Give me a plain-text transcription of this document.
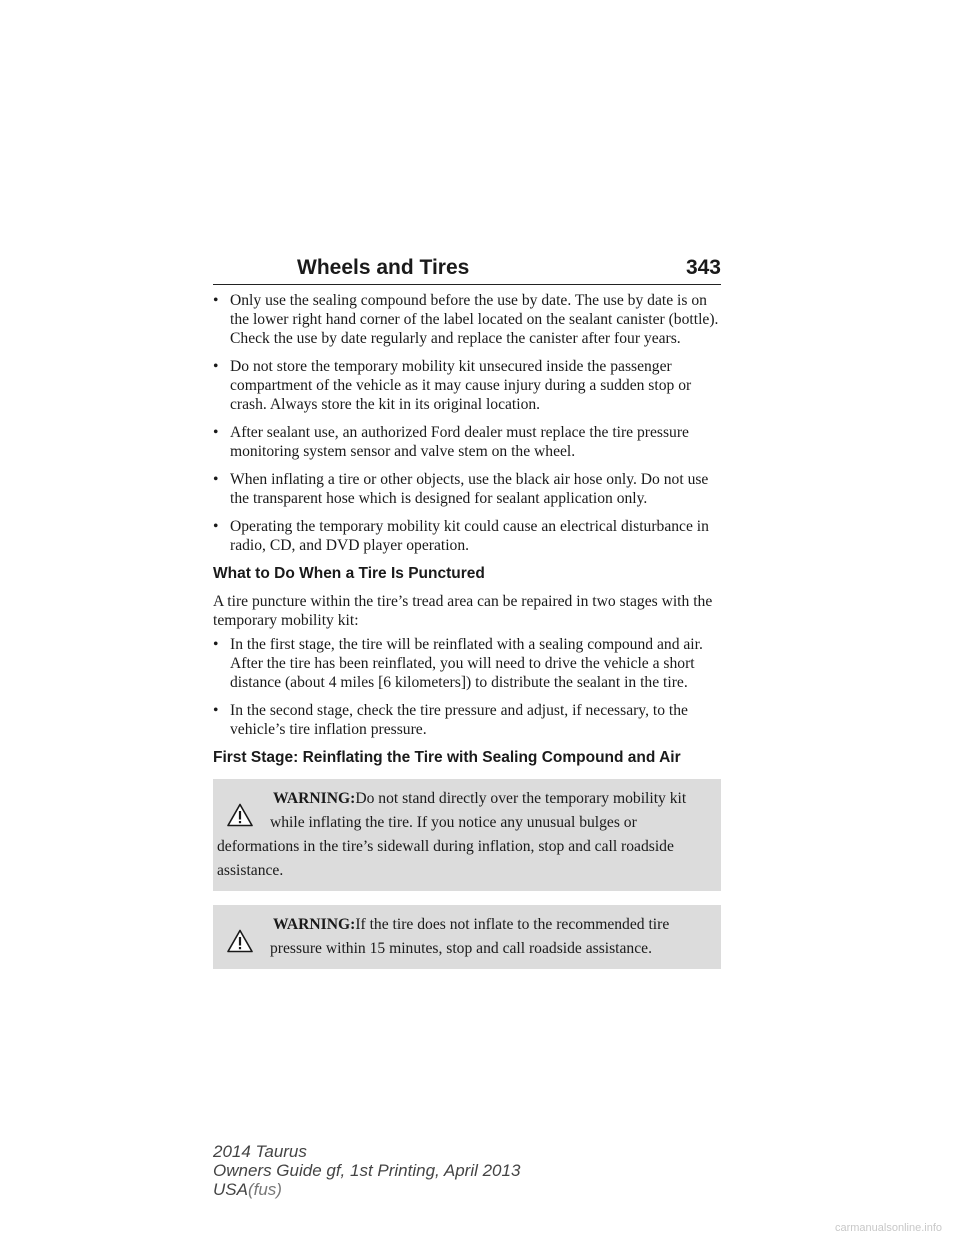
Wheels and Tires	343
• Only use the sealing compound before the use by date. The use by date is on the lower right hand corner of the label located on the sealant canister (bottle). Check the use by date regularly and replace the canister after four years.
• Do not store the temporary mobility kit unsecured inside the passenger compartment of the vehicle as it may cause injury during a sudden stop or crash. Always store the kit in its original location.
• After sealant use, an authorized Ford dealer must replace the tire pressure monitoring system sensor and valve stem on the wheel.
• When inflating a tire or other objects, use the black air hose only. Do not use the transparent hose which is designed for sealant application only.
• Operating the temporary mobility kit could cause an electrical disturbance in radio, CD, and DVD player operation.
What to Do When a Tire Is Punctured
A tire puncture within the tire’s tread area can be repaired in two stages with the temporary mobility kit:
• In the first stage, the tire will be reinflated with a sealing compound and air. After the tire has been reinflated, you will need to drive the vehicle a short distance (about 4 miles [6 kilometers]) to distribute the sealant in the tire.
• In the second stage, check the tire pressure and adjust, if necessary, to the vehicle’s tire inflation pressure.
First Stage: Reinflating the Tire with Sealing Compound and Air
WARNING:Do not stand directly over the temporary mobility kit while inflating the tire. If you notice any unusual bulges or deformations in the tire’s sidewall during inflation, stop and call roadside assistance.
WARNING:If the tire does not inflate to the recommended tire pressure within 15 minutes, stop and call roadside assistance.
2014 Taurus
Owners Guide gf, 1st Printing, April 2013
USA(fus)
carmanualsonline.info
